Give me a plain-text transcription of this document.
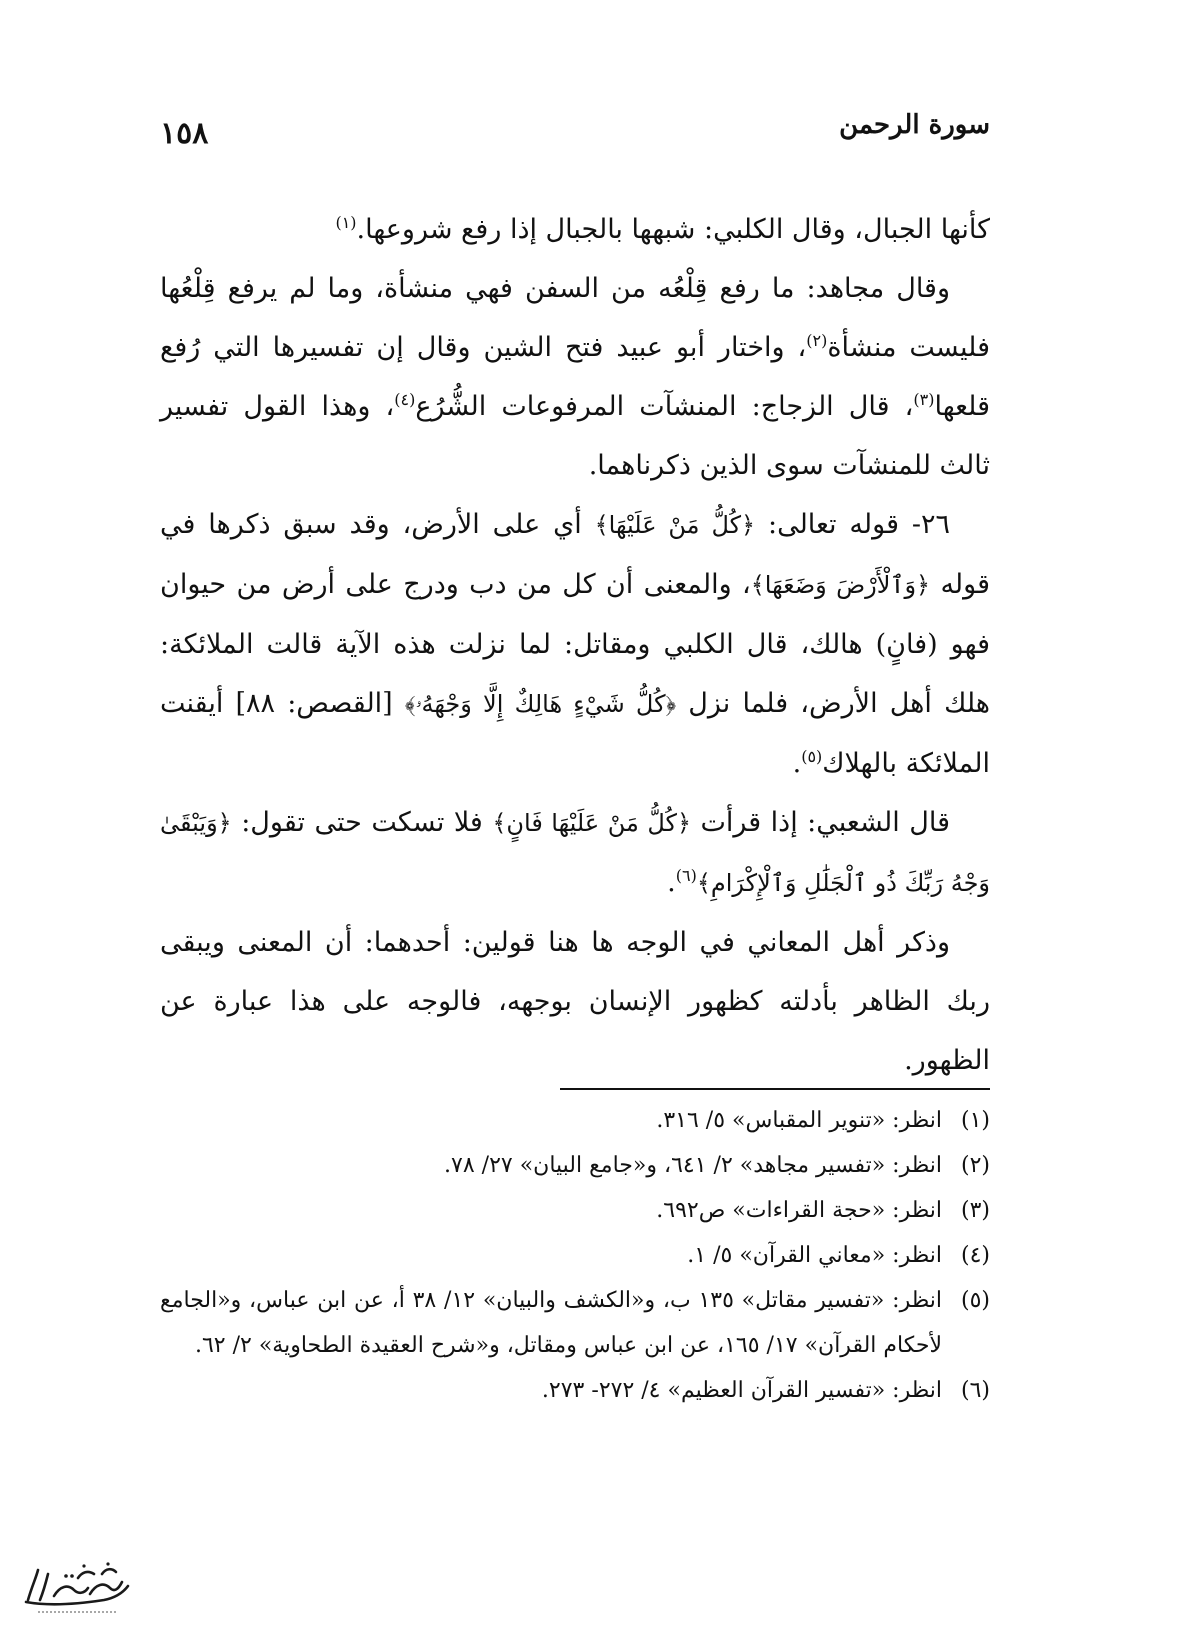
١٥٨	سورة الرحمن

كأنها الجبال، وقال الكلبي: شبهها بالجبال إذا رفع شروعها.$^{(١)}$

وقال مجاهد: ما رفع قِلْعُه من السفن فهي منشأة، وما لم يرفع قِلْعُها فليست منشأة$^{(٢)}$، واختار أبو عبيد فتح الشين وقال إن تفسيرها التي رُفع قلعها$^{(٣)}$، قال الزجاج: المنشآت المرفوعات الشُّرُع$^{(٤)}$، وهذا القول تفسير ثالث للمنشآت سوى الذين ذكرناهما.

٢٦- قوله تعالى: ﴿كُلُّ مَنْ عَلَيْهَا﴾ أي على الأرض، وقد سبق ذكرها في قوله ﴿وَٱلْأَرْضَ وَضَعَهَا﴾، والمعنى أن كل من دب ودرج على أرض من حيوان فهو (فانٍ) هالك، قال الكلبي ومقاتل: لما نزلت هذه الآية قالت الملائكة: هلك أهل الأرض، فلما نزل ﴿كُلُّ شَيْءٍ هَالِكٌ إِلَّا وَجْهَهُۥ﴾ [القصص: ٨٨] أيقنت الملائكة بالهلاك$^{(٥)}$.

قال الشعبي: إذا قرأت ﴿كُلُّ مَنْ عَلَيْهَا فَانٍ﴾ فلا تسكت حتى تقول: ﴿وَيَبْقَىٰ وَجْهُ رَبِّكَ ذُو ٱلْجَلَٰلِ وَٱلْإِكْرَامِ﴾$^{(٦)}$.

وذكر أهل المعاني في الوجه ها هنا قولين: أحدهما: أن المعنى ويبقى ربك الظاهر بأدلته كظهور الإنسان بوجهه، فالوجه على هذا عبارة عن الظهور.

(١)
انظر: «تنوير المقباس» ٥/ ٣١٦.
(٢)
انظر: «تفسير مجاهد» ٢/ ٦٤١، و«جامع البيان» ٢٧/ ٧٨.
(٣)
انظر: «حجة القراءات» ص٦٩٢.
(٤)
انظر: «معاني القرآن» ٥/ ١.
(٥)
انظر: «تفسير مقاتل» ١٣٥ ب، و«الكشف والبيان» ١٢/ ٣٨ أ، عن ابن عباس، و«الجامع لأحكام القرآن» ١٧/ ١٦٥، عن ابن عباس ومقاتل، و«شرح العقيدة الطحاوية» ٢/ ٦٢.
(٦)
انظر: «تفسير القرآن العظيم» ٤/ ٢٧٢- ٢٧٣.
